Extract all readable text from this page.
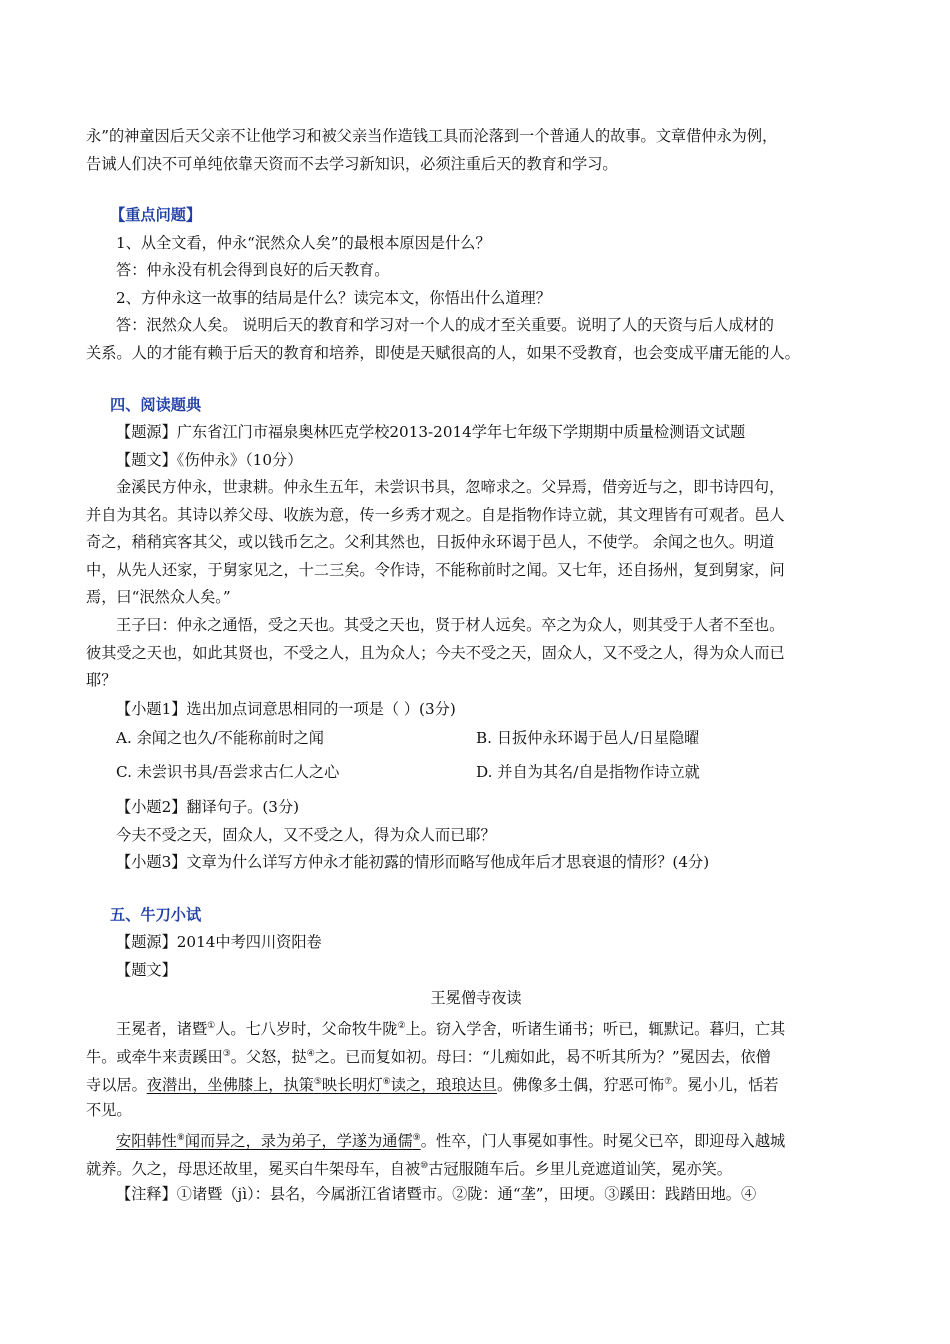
永”的神童因后天父亲不让他学习和被父亲当作造钱工具而沦落到一个普通人的故事。文章借仲永为例，
告诫人们决不可单纯依靠天资而不去学习新知识，必须注重后天的教育和学习。
【重点问题】
1、从全文看，仲永“泯然众人矣”的最根本原因是什么？
答：仲永没有机会得到良好的后天教育。
2、方仲永这一故事的结局是什么？读完本文，你悟出什么道理？
答：泯然众人矣。 说明后天的教育和学习对一个人的成才至关重要。说明了人的天资与后人成材的
关系。人的才能有赖于后天的教育和培养，即使是天赋很高的人，如果不受教育，也会变成平庸无能的人。
四、阅读题典
【题源】广东省江门市福泉奥林匹克学校2013-2014学年七年级下学期期中质量检测语文试题
【题文】《伤仲永》（10分）
金溪民方仲永，世隶耕。仲永生五年，未尝识书具，忽啼求之。父异焉，借旁近与之，即书诗四句，
并自为其名。其诗以养父母、收族为意，传一乡秀才观之。自是指物作诗立就，其文理皆有可观者。邑人
奇之，稍稍宾客其父，或以钱币乞之。父利其然也，日扳仲永环谒于邑人，不使学。 余闻之也久。明道
中，从先人还家，于舅家见之，十二三矣。令作诗，不能称前时之闻。又七年，还自扬州，复到舅家，问
焉，曰“泯然众人矣。”
王子曰：仲永之通悟，受之天也。其受之天也，贤于材人远矣。卒之为众人，则其受于人者不至也。
彼其受之天也，如此其贤也，不受之人，且为众人；今夫不受之天，固众人，又不受之人，得为众人而已
耶？
【小题1】选出加点词意思相同的一项是（ ）(3分)
A. 余闻之也久/不能称前时之闻	B. 日扳仲永环谒于邑人/日星隐曜
C. 未尝识书具/吾尝求古仁人之心	D. 并自为其名/自是指物作诗立就
【小题2】翻译句子。(3分)
今夫不受之天，固众人，又不受之人，得为众人而已耶？
【小题3】文章为什么详写方仲永才能初露的情形而略写他成年后才思衰退的情形？(4分)
五、牛刀小试
【题源】2014中考四川资阳卷
【题文】
王冕僧寺夜读
王冕者，诸暨①人。七八岁时，父命牧牛陇②上。窃入学舍，听诸生诵书；听已，辄默记。暮归，亡其
牛。或牵牛来责蹊田③。父怒，挞④之。已而复如初。母曰：“儿痴如此，曷不听其所为？”冕因去，依僧
寺以居。夜潜出，坐佛膝上，执策⑤映长明灯⑥读之，琅琅达旦。佛像多土偶，狞恶可怖⑦。冕小儿，恬若
不见。
安阳韩性⑧闻而异之，录为弟子，学遂为通儒⑨。性卒，门人事冕如事性。时冕父已卒，即迎母入越城
就养。久之，母思还故里，冕买白牛架母车，自被⑩古冠服随车后。乡里儿竞遮道讪笑，冕亦笑。
【注释】①诸暨（jì）：县名，今属浙江省诸暨市。②陇：通“垄”，田埂。③蹊田：践踏田地。④
